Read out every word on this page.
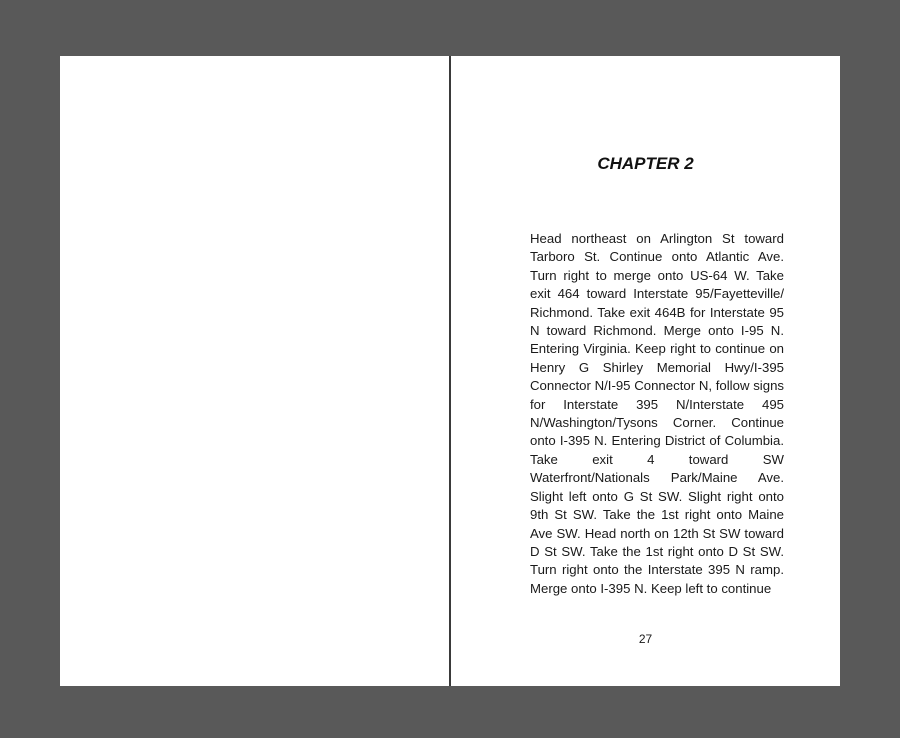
CHAPTER 2

Head northeast on Arlington St toward Tarboro St. Continue onto Atlantic Ave. Turn right to merge onto US-64 W. Take exit 464 toward Interstate 95/Fayetteville/ Richmond. Take exit 464B for Interstate 95 N toward Richmond. Merge onto I-95 N. Entering Virginia. Keep right to continue on Henry G Shirley Memorial Hwy/I-395 Connector N/I-95 Connector N, follow signs for Interstate 395 N/Interstate 495 N/Washington/Tysons Corner. Continue onto I-395 N. Entering District of Columbia. Take exit 4 toward SW Waterfront/Nationals Park/Maine Ave. Slight left onto G St SW. Slight right onto 9th St SW. Take the 1st right onto Maine Ave SW. Head north on 12th St SW toward D St SW. Take the 1st right onto D St SW. Turn right onto the Interstate 395 N ramp. Merge onto I-395 N. Keep left to continue

27
